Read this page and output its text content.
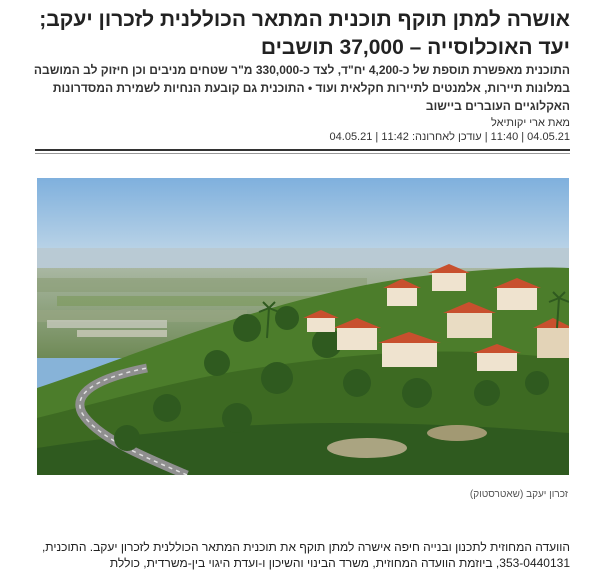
אושרה למתן תוקף תוכנית המתאר הכוללנית לזכרון יעקב; יעד האוכלוסייה – 37,000 תושבים

התוכנית מאפשרת תוספת של כ-4,200 יח"ד, לצד כ-330,000 מ"ר שטחים מניבים וכן חיזוק לב המושבה במלונות תיירות, אלמנטים לתיירות חקלאית ועוד • התוכנית גם קובעת הנחיות לשמירת המסדרונות האקלוגיים העוברים ביישוב

מאת ארי יקותיאל
04.05.21 | 11:40 | עודכן לאחרונה: 11:42 | 04.05.21
זכרון יעקב (שאטרסטוק)

הוועדה המחוזית לתכנון ובנייה חיפה אישרה למתן תוקף את תוכנית המתאר הכוללנית לזכרון יעקב. התוכנית, 353-0440131, ביוזמת הוועדה המחוזית, משרד הבינוי והשיכון ו-ועדת היגוי בין-משרדית, כוללת
